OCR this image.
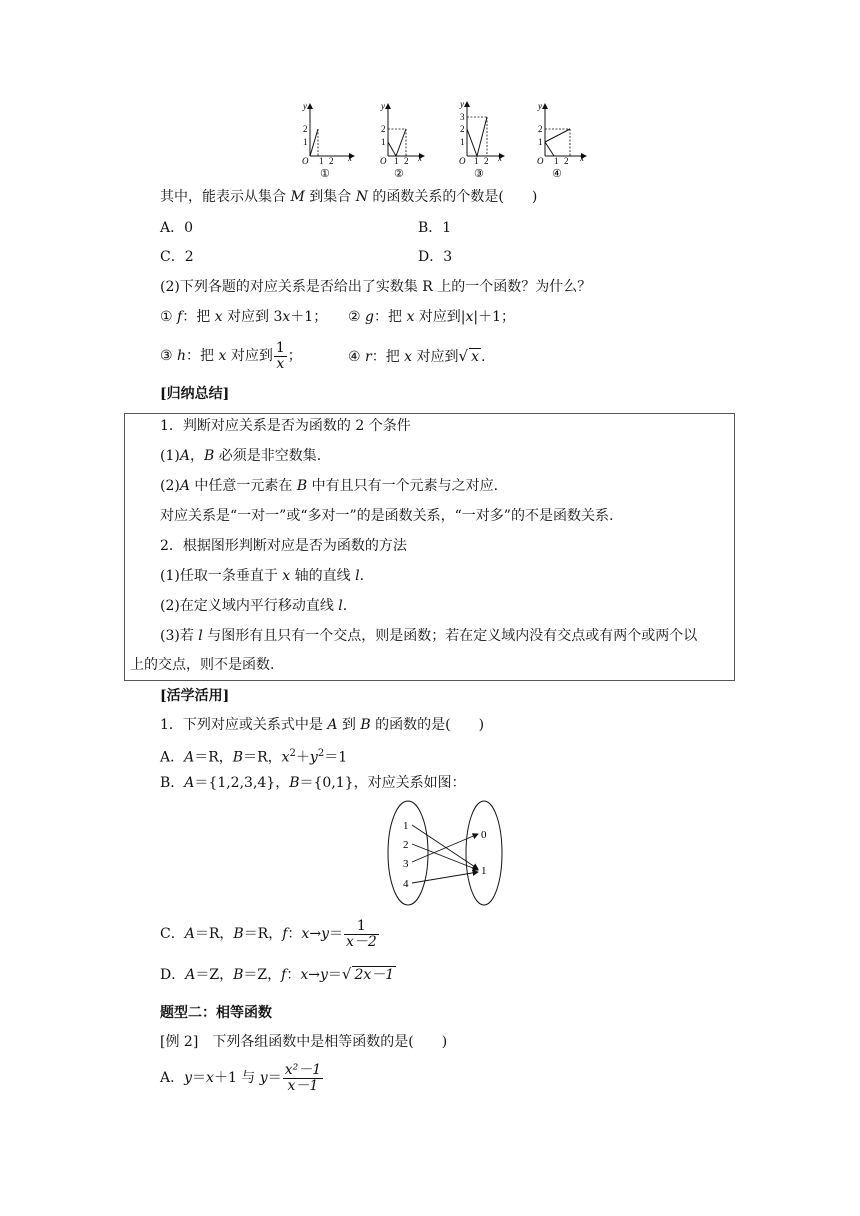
y
x
O
2
1
1 2
①
y
x
O
2
1
1 2
②
y
x
O
3
2
1
1 2
③
y
x
O
2
1
1 2
④
其中，能表示从集合 M 到集合 N 的函数关系的个数是(　　)
A．0	B．1
C．2	D．3
(2)下列各题的对应关系是否给出了实数集 R 上的一个函数？为什么？
① f：把 x 对应到 3x＋1； ② g：把 x 对应到|x|＋1；
③ h：把 x 对应到 $\frac{1}{x}$ ；	④ r：把 x 对应到√ x .
[归纳总结]
1．判断对应关系是否为函数的 2 个条件
(1)A，B 必须是非空数集.
(2)A 中任意一元素在 B 中有且只有一个元素与之对应.
对应关系是“一对一”或“多对一”的是函数关系，“一对多”的不是函数关系.
2．根据图形判断对应是否为函数的方法
(1)任取一条垂直于 x 轴的直线 l.
(2)在定义域内平行移动直线 l.
(3)若 l 与图形有且只有一个交点，则是函数；若在定义域内没有交点或有两个或两个以
上的交点，则不是函数.
[活学活用]
1．下列对应或关系式中是 A 到 B 的函数的是(　　)
A．A＝R，B＝R，$x^2+y^2=1$
B．A＝{1,2,3,4}，B＝{0,1}，对应关系如图：
1
2
3
4
0
1
C．A＝R，B＝R，f：$x\to y= \frac{1}{x-2}$
D．A＝Z，B＝Z，f：x→y＝√ 2x－1
题型二：相等函数
[例 2]　下列各组函数中是相等函数的是(　　)
A．y＝x＋1 与 $y= \frac{\text{x²－1}}{x-1}$
